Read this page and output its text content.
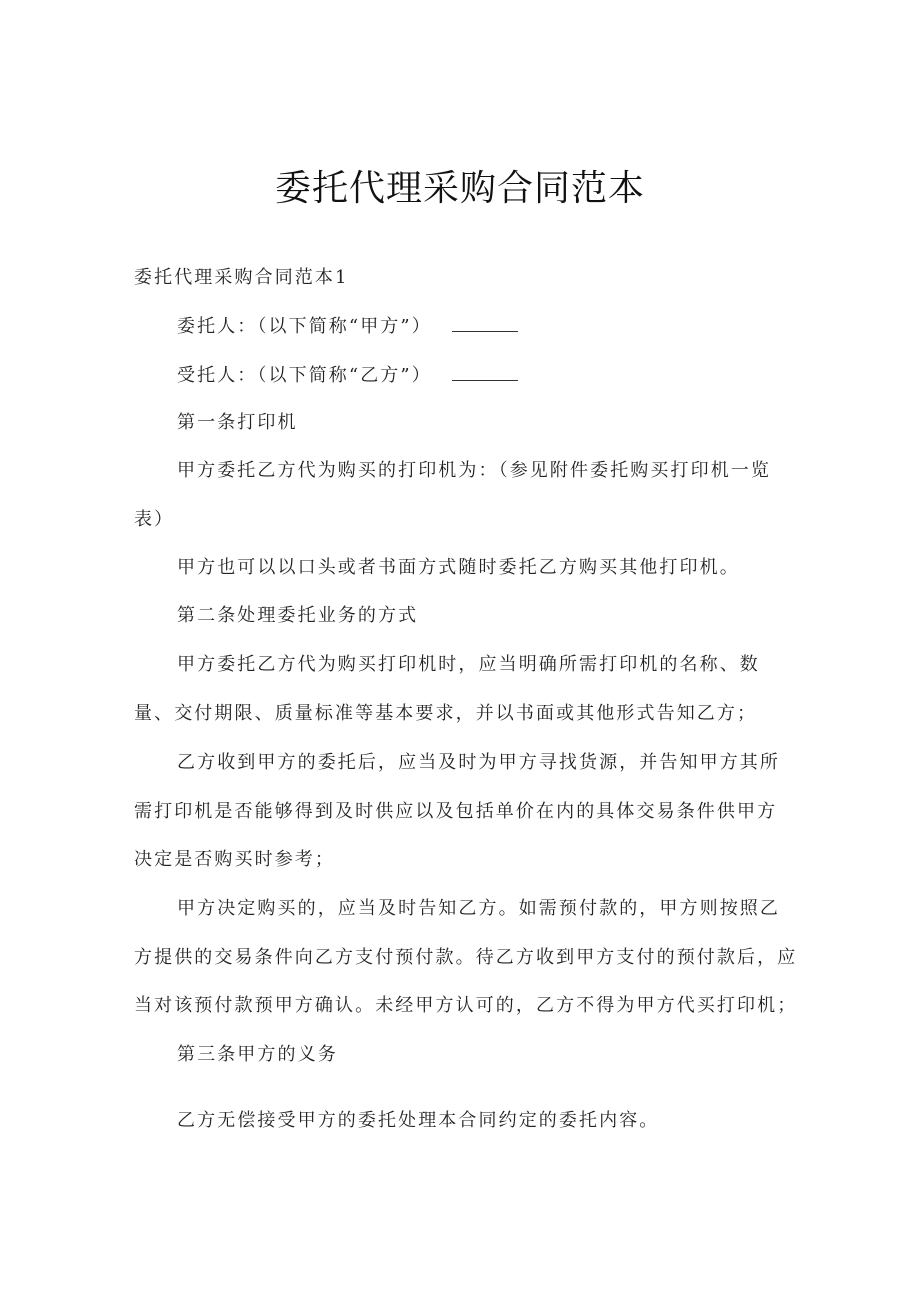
委托代理采购合同范本
委托代理采购合同范本1
委托人：（以下简称“甲方”）
受托人：（以下简称“乙方”）
第一条打印机
甲方委托乙方代为购买的打印机为：（参见附件委托购买打印机一览
表）
甲方也可以以口头或者书面方式随时委托乙方购买其他打印机。
第二条处理委托业务的方式
甲方委托乙方代为购买打印机时，应当明确所需打印机的名称、数
量、交付期限、质量标准等基本要求，并以书面或其他形式告知乙方；
乙方收到甲方的委托后，应当及时为甲方寻找货源，并告知甲方其所
需打印机是否能够得到及时供应以及包括单价在内的具体交易条件供甲方
决定是否购买时参考；
甲方决定购买的，应当及时告知乙方。如需预付款的，甲方则按照乙
方提供的交易条件向乙方支付预付款。待乙方收到甲方支付的预付款后，应
当对该预付款预甲方确认。未经甲方认可的，乙方不得为甲方代买打印机；
第三条甲方的义务
乙方无偿接受甲方的委托处理本合同约定的委托内容。
